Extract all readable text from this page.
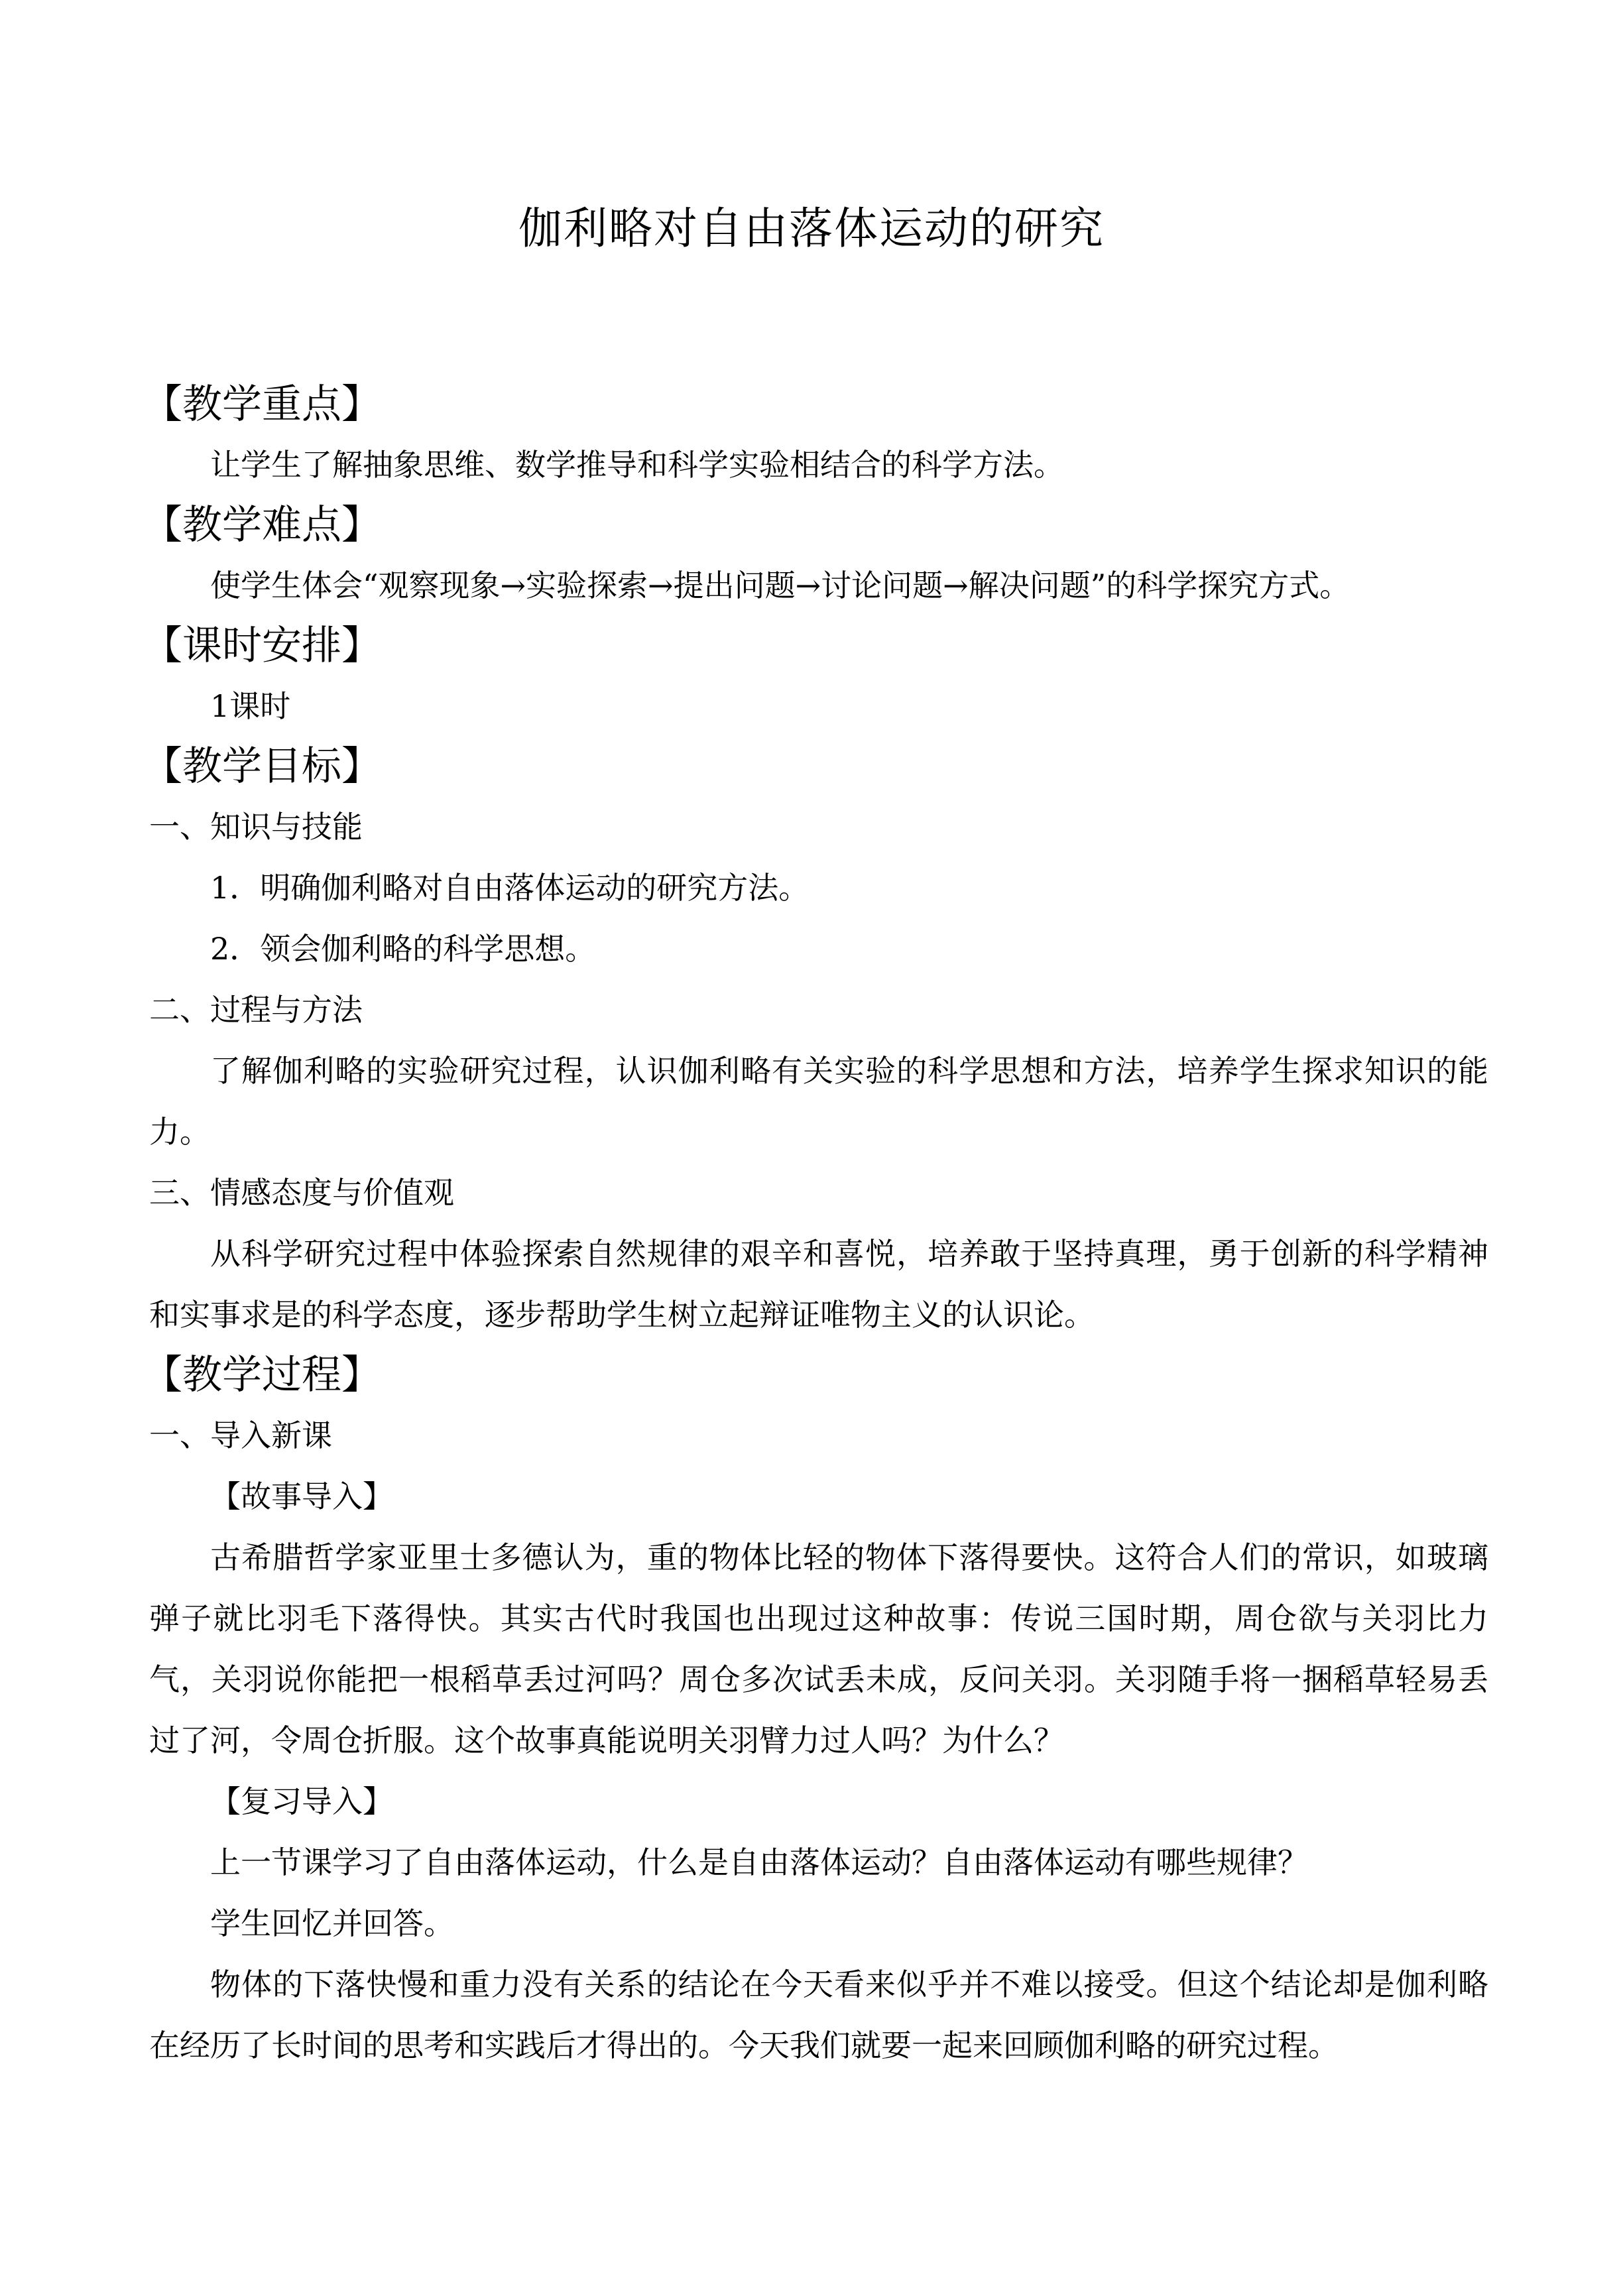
伽利略对自由落体运动的研究
【教学重点】
让学生了解抽象思维、数学推导和科学实验相结合的科学方法。
【教学难点】
使学生体会“观察现象→实验探索→提出问题→讨论问题→解决问题”的科学探究方式。
【课时安排】
1课时
【教学目标】
一、知识与技能
1．明确伽利略对自由落体运动的研究方法。
2．领会伽利略的科学思想。
二、过程与方法
了解伽利略的实验研究过程，认识伽利略有关实验的科学思想和方法，培养学生探求知识的能力。
三、情感态度与价值观
从科学研究过程中体验探索自然规律的艰辛和喜悦，培养敢于坚持真理，勇于创新的科学精神和实事求是的科学态度，逐步帮助学生树立起辩证唯物主义的认识论。
【教学过程】
一、导入新课
【故事导入】
古希腊哲学家亚里士多德认为，重的物体比轻的物体下落得要快。这符合人们的常识，如玻璃弹子就比羽毛下落得快。其实古代时我国也出现过这种故事：传说三国时期，周仓欲与关羽比力气，关羽说你能把一根稻草丢过河吗？周仓多次试丢未成，反问关羽。关羽随手将一捆稻草轻易丢过了河，令周仓折服。这个故事真能说明关羽臂力过人吗？为什么？
【复习导入】
上一节课学习了自由落体运动，什么是自由落体运动？自由落体运动有哪些规律？
学生回忆并回答。
物体的下落快慢和重力没有关系的结论在今天看来似乎并不难以接受。但这个结论却是伽利略在经历了长时间的思考和实践后才得出的。今天我们就要一起来回顾伽利略的研究过程。
